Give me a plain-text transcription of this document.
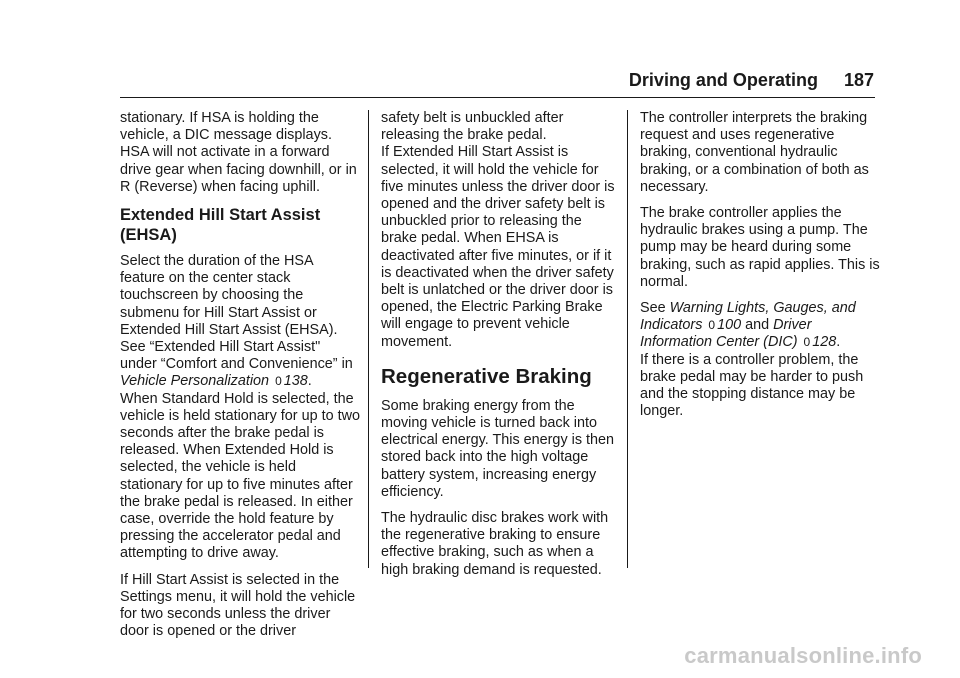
Driving and Operating 187

stationary. If HSA is holding the vehicle, a DIC message displays. HSA will not activate in a forward drive gear when facing downhill, or in R (Reverse) when facing uphill.

Extended Hill Start Assist (EHSA)

Select the duration of the HSA feature on the center stack touchscreen by choosing the submenu for Hill Start Assist or Extended Hill Start Assist (EHSA). See “Extended Hill Start Assist" under “Comfort and Convenience” in Vehicle Personalization 0 138.

When Standard Hold is selected, the vehicle is held stationary for up to two seconds after the brake pedal is released. When Extended Hold is selected, the vehicle is held stationary for up to five minutes after the brake pedal is released. In either case, override the hold feature by pressing the accelerator pedal and attempting to drive away.

If Hill Start Assist is selected in the Settings menu, it will hold the vehicle for two seconds unless the driver door is opened or the driver

safety belt is unbuckled after releasing the brake pedal.

If Extended Hill Start Assist is selected, it will hold the vehicle for five minutes unless the driver door is opened and the driver safety belt is unbuckled prior to releasing the brake pedal. When EHSA is deactivated after five minutes, or if it is deactivated when the driver safety belt is unlatched or the driver door is opened, the Electric Parking Brake will engage to prevent vehicle movement.

Regenerative Braking

Some braking energy from the moving vehicle is turned back into electrical energy. This energy is then stored back into the high voltage battery system, increasing energy efficiency.

The hydraulic disc brakes work with the regenerative braking to ensure effective braking, such as when a high braking demand is requested.

The controller interprets the braking request and uses regenerative braking, conventional hydraulic braking, or a combination of both as necessary.

The brake controller applies the hydraulic brakes using a pump. The pump may be heard during some braking, such as rapid applies. This is normal.

See Warning Lights, Gauges, and Indicators 0 100 and Driver Information Center (DIC) 0 128.

If there is a controller problem, the brake pedal may be harder to push and the stopping distance may be longer.

carmanualsonline.info
